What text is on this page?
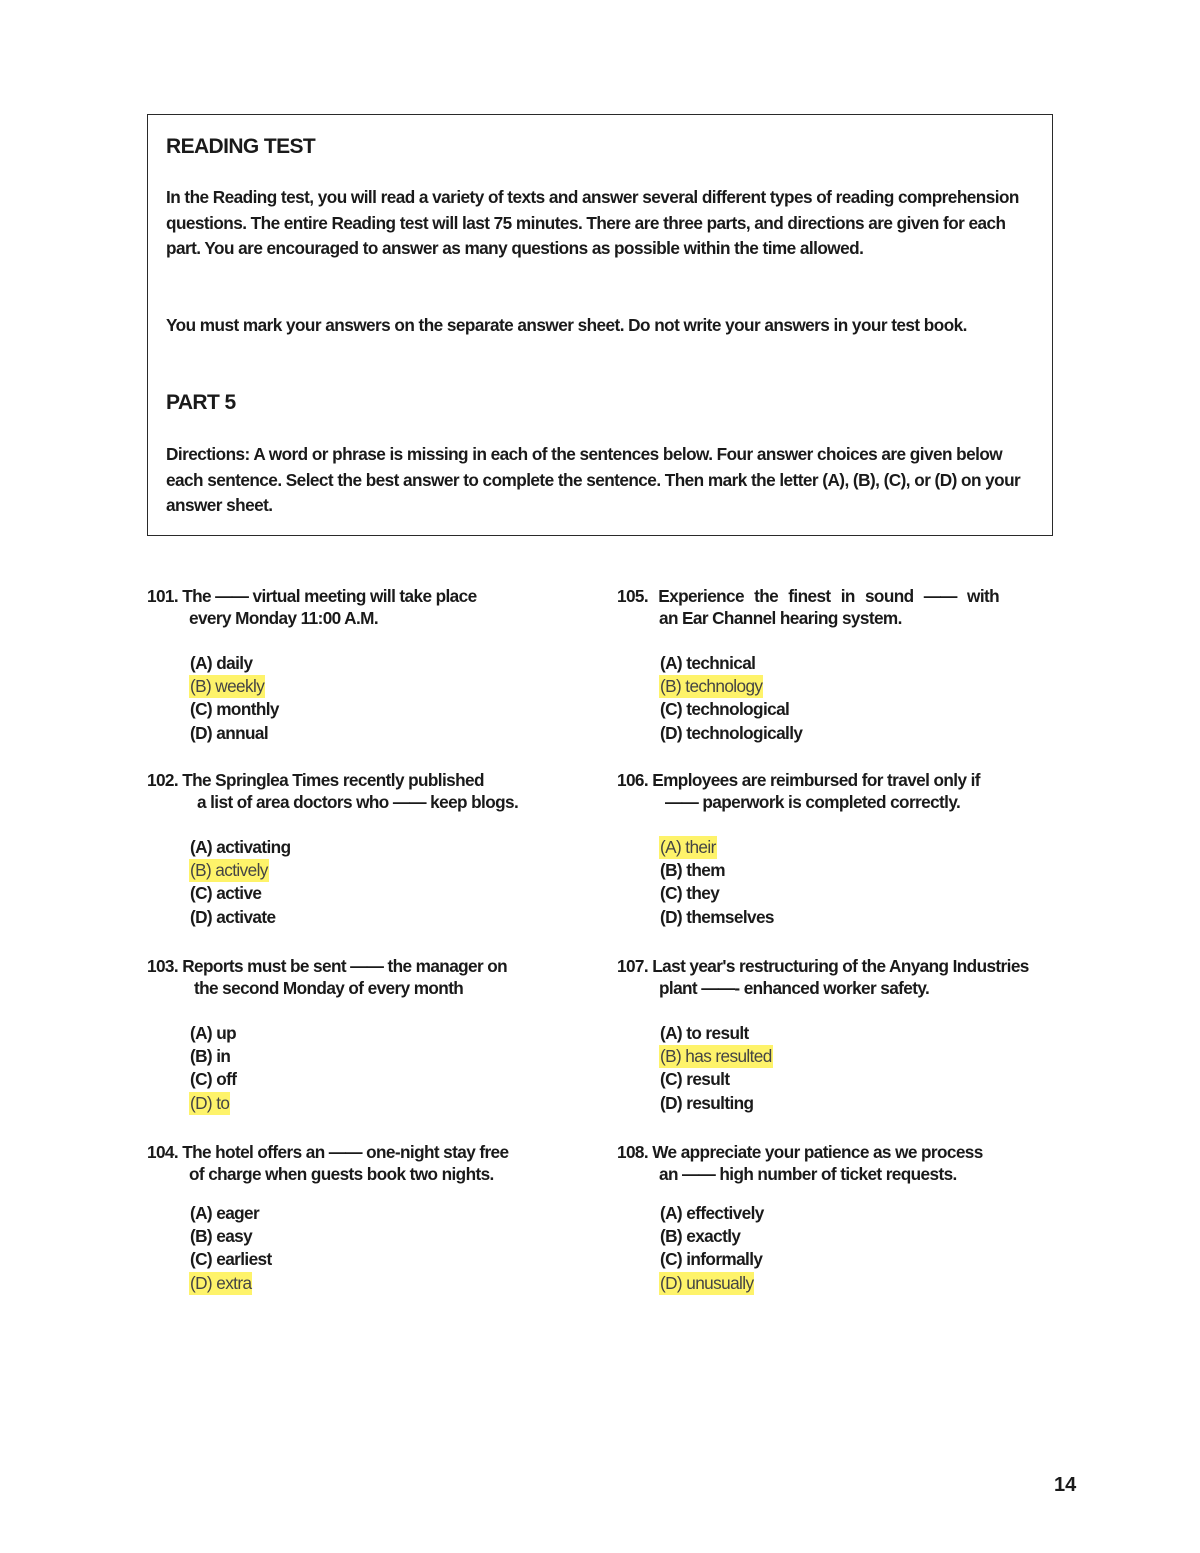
READING TEST

In the Reading test, you will read a variety of texts and answer several different types of reading comprehension questions. The entire Reading test will last 75 minutes. There are three parts, and directions are given for each part. You are encouraged to answer as many questions as possible within the time allowed.

You must mark your answers on the separate answer sheet. Do not write your answers in your test book.

PART 5

Directions: A word or phrase is missing in each of the sentences below. Four answer choices are given below each sentence. Select the best answer to complete the sentence. Then mark the letter (A), (B), (C), or (D) on your answer sheet.

101. The —— virtual meeting will take place
every Monday 11:00 A.M.
(A) daily
(B) weekly
(C) monthly
(D) annual
102. The Springlea Times recently published
a list of area doctors who —— keep blogs.
(A) activating
(B) actively
(C) active
(D) activate
103. Reports must be sent —— the manager on
the second Monday of every month
(A) up
(B) in
(C) off
(D) to
104. The hotel offers an —— one-night stay free
of charge when guests book two nights.
(A) eager
(B) easy
(C) earliest
(D) extra
105. Experience the finest in sound —— with
an Ear Channel hearing system.
(A) technical
(B) technology
(C) technological
(D) technologically
106. Employees are reimbursed for travel only if
—— paperwork is completed correctly.
(A) their
(B) them
(C) they
(D) themselves
107. Last year's restructuring of the Anyang Industries
plant ——- enhanced worker safety.
(A) to result
(B) has resulted
(C) result
(D) resulting
108. We appreciate your patience as we process
an —— high number of ticket requests.
(A) effectively
(B) exactly
(C) informally
(D) unusually
14
